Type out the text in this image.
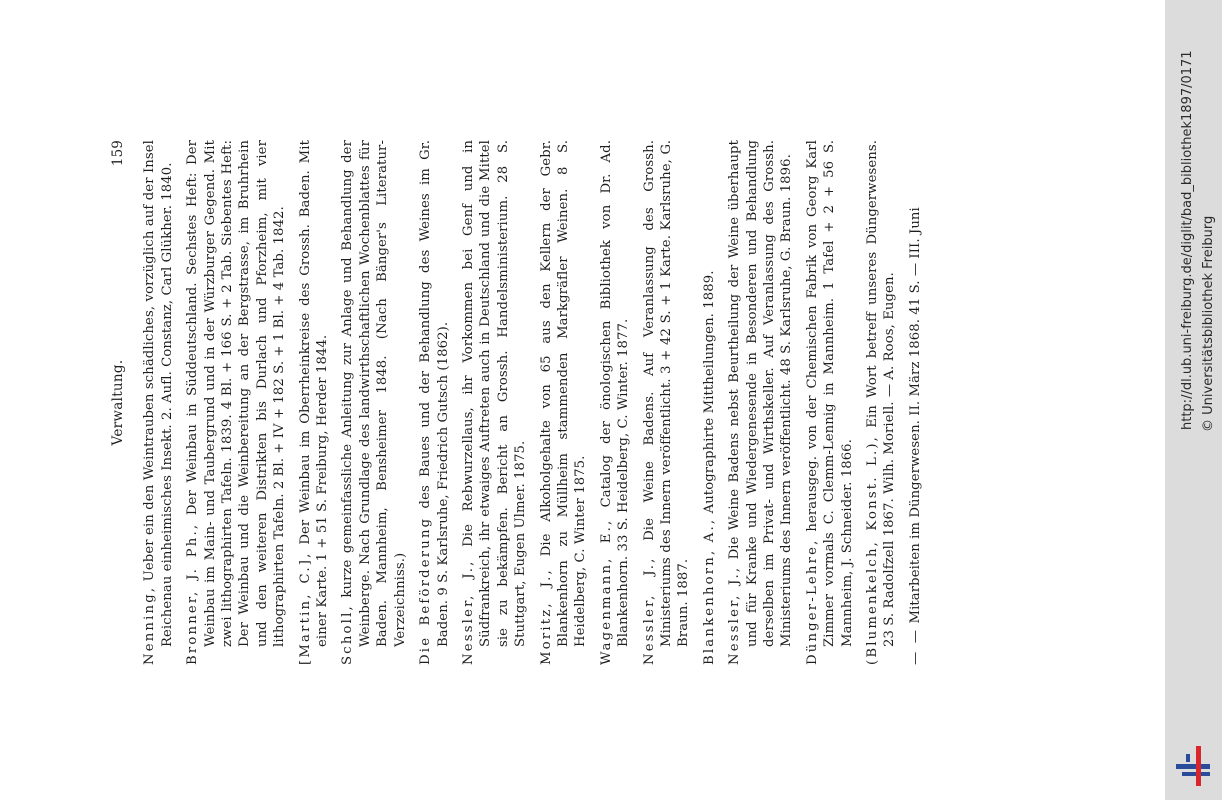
Verwaltung.
159

Nenning, Ueber ein den Weintrauben schädliches, vorzüglich auf der Insel Reichenau einheimisches Insekt. 2. Aufl. Constanz, Carl Glükher. 1840. Bronner, J. Ph., Der Weinbau in Süddeutschland. Sechstes Heft: Der Weinbau im Main- und Taubergrund und in der Würzburger Gegend. Mit zwei lithographirten Tafeln. 1839. 4 Bl. + 166 S. + 2 Tab. Siebentes Heft: Der Weinbau und die Weinbereitung an der Bergstrasse, im Bruhrhein und den weiteren Distrikten bis Durlach und Pforzheim, mit vier lithographirten Tafeln. 2 Bl. + IV + 182 S. + 1 Bl. + 4 Tab. 1842. [Martin, C.], Der Weinbau im Oberrheinkreise des Grossh. Baden. Mit einer Karte. 1 + 51 S. Freiburg, Herder 1844. Scholl, kurze gemeinfassliche Anleitung zur Anlage und Behandlung der Weinberge. Nach Grundlage des landwirthschaftlichen Wochenblattes für Baden. Mannheim, Bensheimer 1848. (Nach Bänger's Literatur-Verzeichniss.) Die Beförderung des Baues und der Behandlung des Weines im Gr. Baden. 9 S. Karlsruhe, Friedrich Gutsch (1862). Nessler, J., Die Rebwurzellaus, ihr Vorkommen bei Genf und in Südfrankreich, ihr etwaiges Auftreten auch in Deutschland und die Mittel sie zu bekämpfen. Bericht an Grossh. Handelsministerium. 28 S. Stuttgart, Eugen Ulmer. 1875. Moritz, J., Die Alkoholgehalte von 65 aus den Kellern der Gebr. Blankenhorn zu Müllheim stammenden Markgräfler Weinen. 8 S. Heidelberg, C. Winter 1875. Wagenmann, E., Catalog der önologischen Bibliothek von Dr. Ad. Blankenhorn. 33 S. Heidelberg, C. Winter. 1877. Nessler, J., Die Weine Badens. Auf Veranlassung des Grossh. Ministeriums des Innern veröffentlicht. 3 + 42 S. + 1 Karte. Karlsruhe, G. Braun. 1887. Blankenhorn, A., Autographirte Mittheilungen. 1889.

Nessler, J., Die Weine Badens nebst Beurtheilung der Weine überhaupt und für Kranke und Wiedergenesende in Besonderen und Behandlung derselben im Privat- und Wirthskeller. Auf Veranlassung des Grossh. Ministeriums des Innern veröffentlicht. 48 S. Karlsruhe, G. Braun. 1896. Dünger-Lehre, herausgeg. von der Chemischen Fabrik von Georg Karl Zimmer vormals C. Clemm-Lennig in Mannheim. 1 Tafel + 2 + 56 S. Mannheim, J. Schneider. 1866. (Blumenkelch, Konst. L.), Ein Wort betreff unseres Düngerwesens. 23 S. Radolfzell 1867. Wilh. Moriell. — A. Roos, Eugen. — — Mitarbeiten im Düngerwesen. II. März 1868. 41 S. — III. Juni	http://dl.ub.uni-freiburg.de/diglit/bad_bibliothek1897/0171 © Universitätsbibliothek Freiburg
